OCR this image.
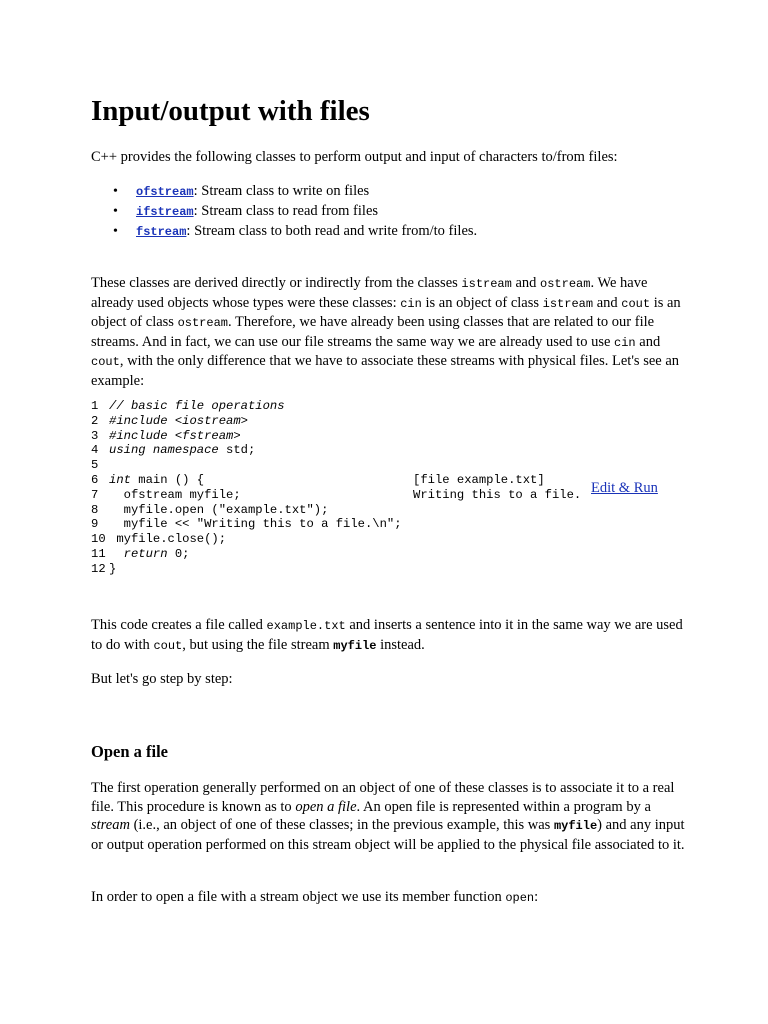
Input/output with files

C++ provides the following classes to perform output and input of characters to/from files:

• ofstream: Stream class to write on files
• ifstream: Stream class to read from files
• fstream: Stream class to both read and write from/to files.

These classes are derived directly or indirectly from the classes istream and ostream. We have already used objects whose types were these classes: cin is an object of class istream and cout is an object of class ostream. Therefore, we have already been using classes that are related to our file streams. And in fact, we can use our file streams the same way we are already used to use cin and cout, with the only difference that we have to associate these streams with physical files. Let's see an example:

1 // basic file operations
2 #include <iostream>
3 #include <fstream>
4 using namespace std;
5
6 int main () {
7  ofstream myfile;
8  myfile.open ("example.txt");
9  myfile << "Writing this to a file.\n";
10 myfile.close();
11 return 0;
12 }
[file example.txt]
Writing this to a file. Edit & Run

This code creates a file called example.txt and inserts a sentence into it in the same way we are used to do with cout, but using the file stream myfile instead.

But let's go step by step:

Open a file

The first operation generally performed on an object of one of these classes is to associate it to a real file. This procedure is known as to open a file. An open file is represented within a program by a stream (i.e., an object of one of these classes; in the previous example, this was myfile) and any input or output operation performed on this stream object will be applied to the physical file associated to it.

In order to open a file with a stream object we use its member function open:
